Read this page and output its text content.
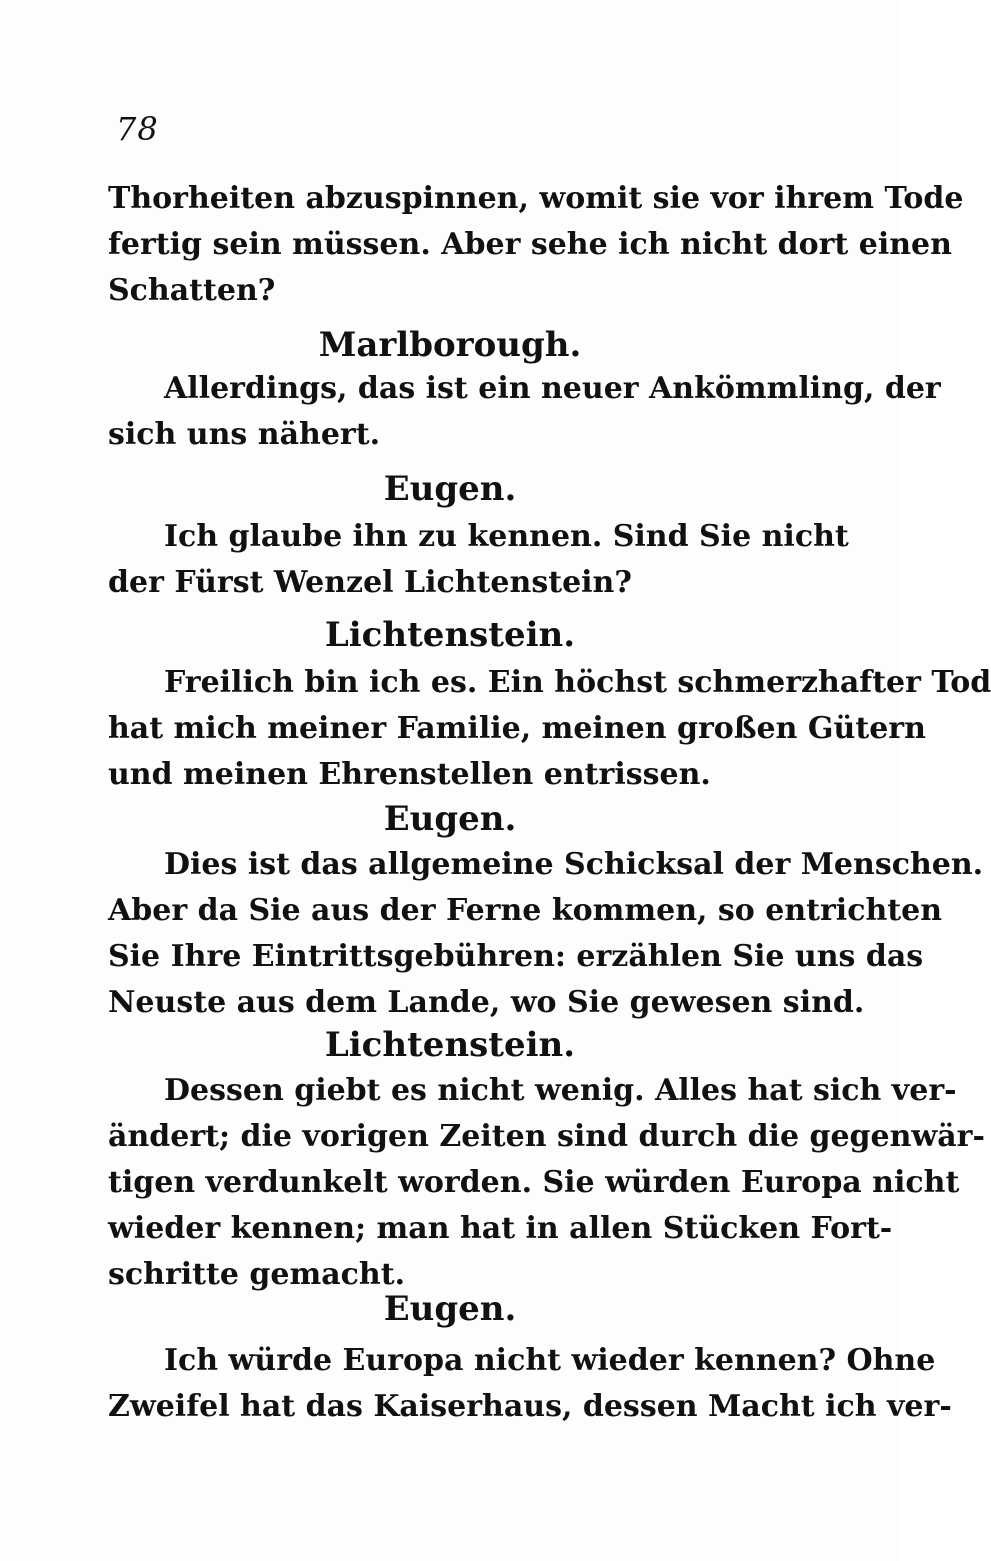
78
Thorheiten abzuspinnen, womit sie vor ihrem Tode
fertig sein müssen. Aber sehe ich nicht dort einen
Schatten?
Marlborough.
Allerdings, das ist ein neuer Ankömmling, der
sich uns nähert.
Eugen.
Ich glaube ihn zu kennen. Sind Sie nicht
der Fürst Wenzel Lichtenstein?
Lichtenstein.
Freilich bin ich es. Ein höchst schmerzhafter Tod
hat mich meiner Familie, meinen großen Gütern
und meinen Ehrenstellen entrissen.
Eugen.
Dies ist das allgemeine Schicksal der Menschen.
Aber da Sie aus der Ferne kommen, so entrichten
Sie Ihre Eintrittsgebühren: erzählen Sie uns das
Neuste aus dem Lande, wo Sie gewesen sind.
Lichtenstein.
Dessen giebt es nicht wenig. Alles hat sich ver-
ändert; die vorigen Zeiten sind durch die gegenwär-
tigen verdunkelt worden. Sie würden Europa nicht
wieder kennen; man hat in allen Stücken Fort-
schritte gemacht.
Eugen.
Ich würde Europa nicht wieder kennen? Ohne
Zweifel hat das Kaiserhaus, dessen Macht ich ver-
